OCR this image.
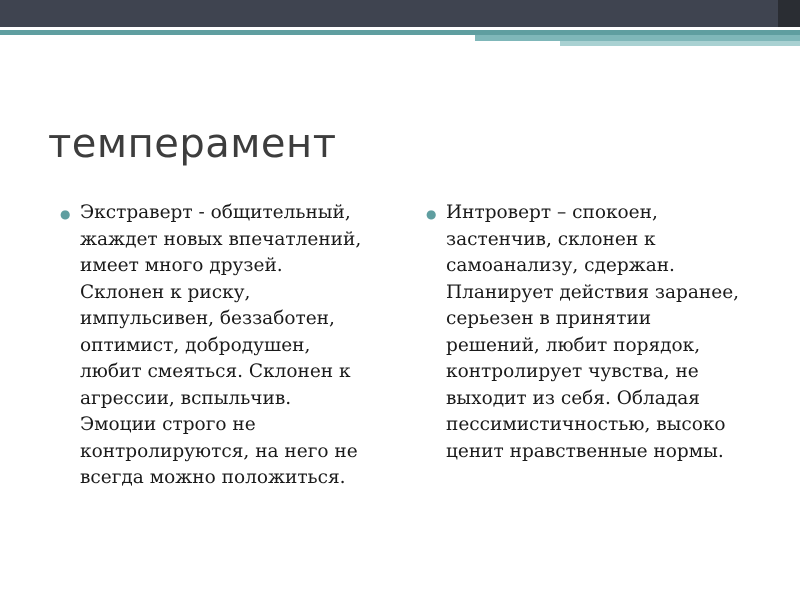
темперамент
● Экстраверт - общительный,
жаждет новых впечатлений,
имеет много друзей.
Склонен к риску,
импульсивен, беззаботен,
оптимист, добродушен,
любит смеяться. Склонен к
агрессии, вспыльчив.
Эмоции строго не
контролируются, на него не
всегда можно положиться.
● Интроверт – спокоен,
застенчив, склонен к
самоанализу, сдержан.
Планирует действия заранее,
серьезен в принятии
решений, любит порядок,
контролирует чувства, не
выходит из себя. Обладая
пессимистичностью, высоко
ценит нравственные нормы.
